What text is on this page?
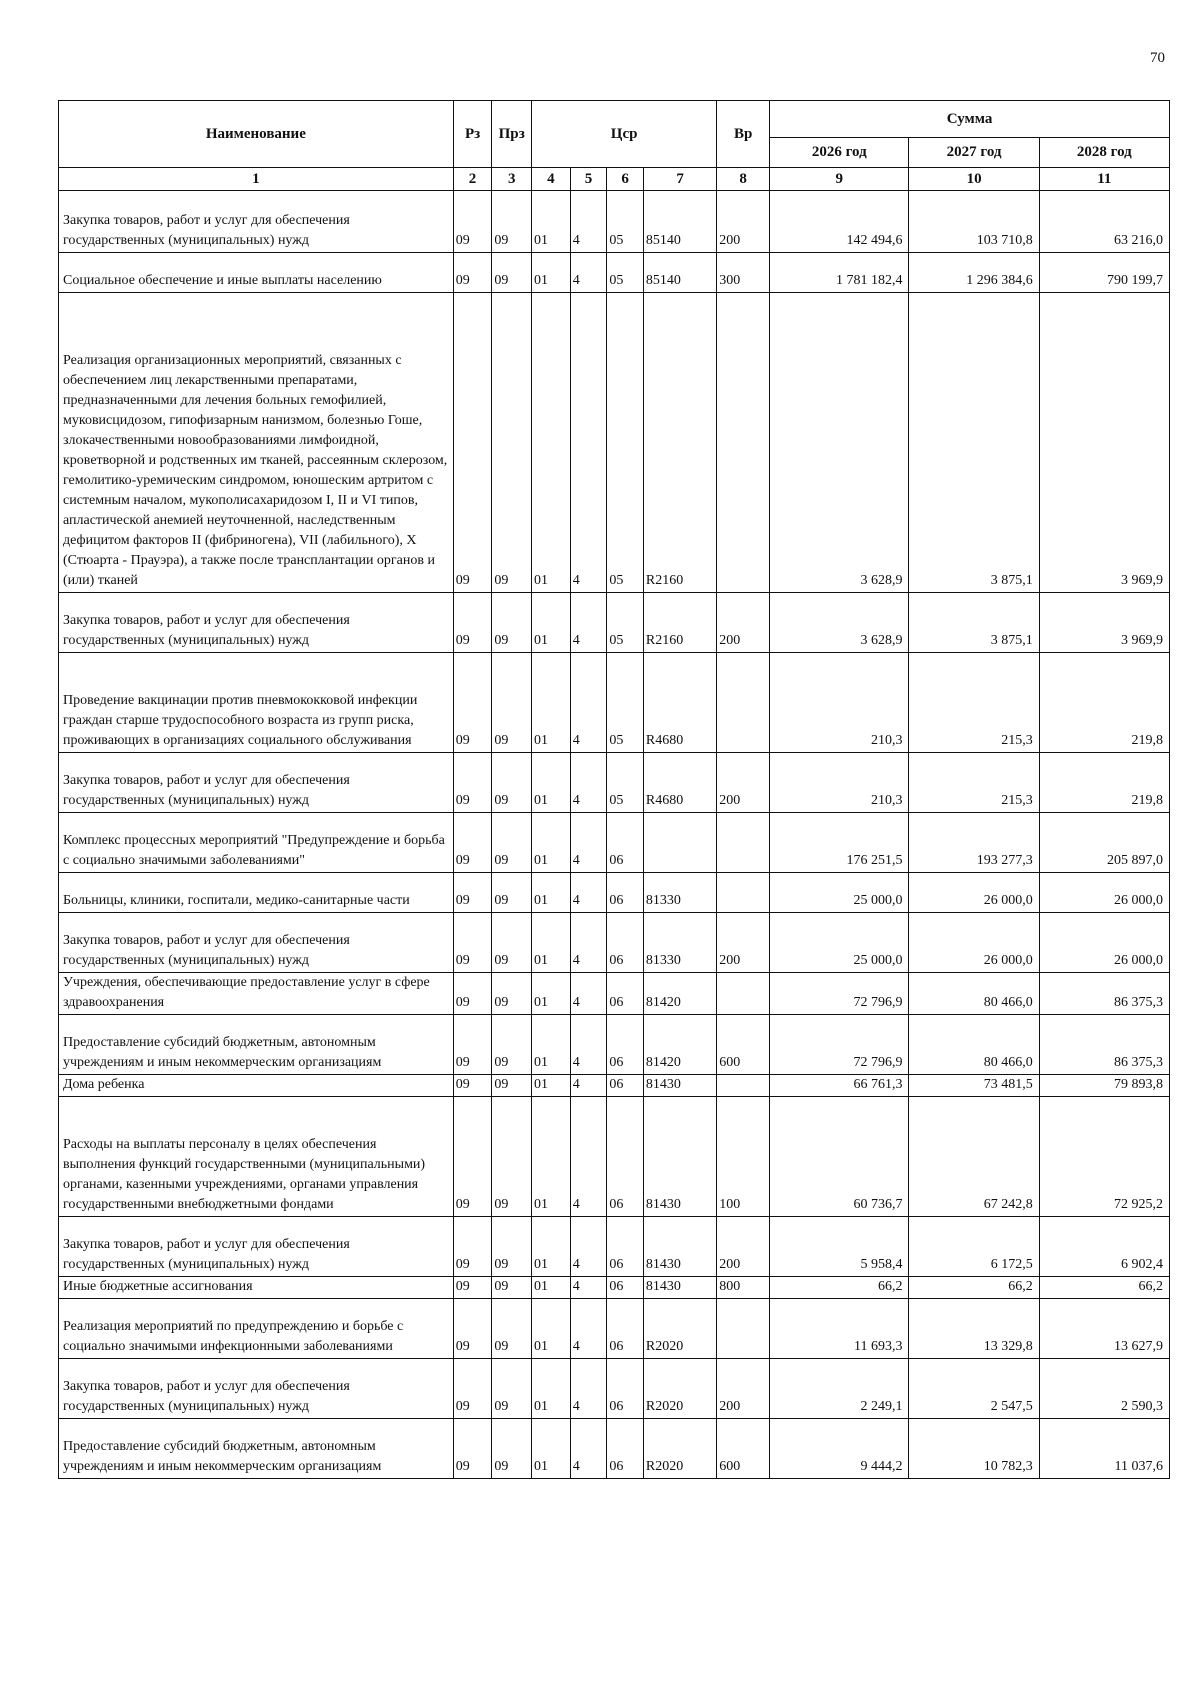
70
Наименование	Рз	Прз	Цср				Вр	Сумма		
								2026 год	2027 год	2028 год
1	2	3	4	5	6	7	8	9	10	11
Закупка товаров, работ и услуг для обеспечения государственных (муниципальных) нужд	09	09	01	4	05	85140	200	142 494,6	103 710,8	63 216,0
Социальное обеспечение и иные выплаты населению	09	09	01	4	05	85140	300	1 781 182,4	1 296 384,6	790 199,7
Реализация организационных мероприятий, связанных с обеспечением лиц лекарственными препаратами, предназначенными для лечения больных гемофилией, муковисцидозом, гипофизарным нанизмом, болезнью Гоше, злокачественными новообразованиями лимфоидной, кроветворной и родственных им тканей, рассеянным склерозом, гемолитико-уремическим синдромом, юношеским артритом с системным началом, мукополисахаридозом I, II и VI типов, апластической анемией неуточненной, наследственным дефицитом факторов II (фибриногена), VII (лабильного), X (Стюарта - Прауэра), а также после трансплантации органов и (или) тканей	09	09	01	4	05	R2160		3 628,9	3 875,1	3 969,9
Закупка товаров, работ и услуг для обеспечения государственных (муниципальных) нужд	09	09	01	4	05	R2160	200	3 628,9	3 875,1	3 969,9
Проведение вакцинации против пневмококковой инфекции граждан старше трудоспособного возраста из групп риска, проживающих в организациях социального обслуживания	09	09	01	4	05	R4680		210,3	215,3	219,8
Закупка товаров, работ и услуг для обеспечения государственных (муниципальных) нужд	09	09	01	4	05	R4680	200	210,3	215,3	219,8
Комплекс процессных мероприятий "Предупреждение и борьба с социально значимыми заболеваниями"	09	09	01	4	06			176 251,5	193 277,3	205 897,0
Больницы, клиники, госпитали, медико-санитарные части	09	09	01	4	06	81330		25 000,0	26 000,0	26 000,0
Закупка товаров, работ и услуг для обеспечения государственных (муниципальных) нужд	09	09	01	4	06	81330	200	25 000,0	26 000,0	26 000,0
Учреждения, обеспечивающие предоставление услуг в сфере здравоохранения	09	09	01	4	06	81420		72 796,9	80 466,0	86 375,3
Предоставление субсидий бюджетным, автономным учреждениям и иным некоммерческим организациям	09	09	01	4	06	81420	600	72 796,9	80 466,0	86 375,3
Дома ребенка	09	09	01	4	06	81430		66 761,3	73 481,5	79 893,8
Расходы на выплаты персоналу в целях обеспечения выполнения функций государственными (муниципальными) органами, казенными учреждениями, органами управления государственными внебюджетными фондами	09	09	01	4	06	81430	100	60 736,7	67 242,8	72 925,2
Закупка товаров, работ и услуг для обеспечения государственных (муниципальных) нужд	09	09	01	4	06	81430	200	5 958,4	6 172,5	6 902,4
Иные бюджетные ассигнования	09	09	01	4	06	81430	800	66,2	66,2	66,2
Реализация мероприятий по предупреждению и борьбе с социально значимыми инфекционными заболеваниями	09	09	01	4	06	R2020		11 693,3	13 329,8	13 627,9
Закупка товаров, работ и услуг для обеспечения государственных (муниципальных) нужд	09	09	01	4	06	R2020	200	2 249,1	2 547,5	2 590,3
Предоставление субсидий бюджетным, автономным учреждениям и иным некоммерческим организациям	09	09	01	4	06	R2020	600	9 444,2	10 782,3	11 037,6
